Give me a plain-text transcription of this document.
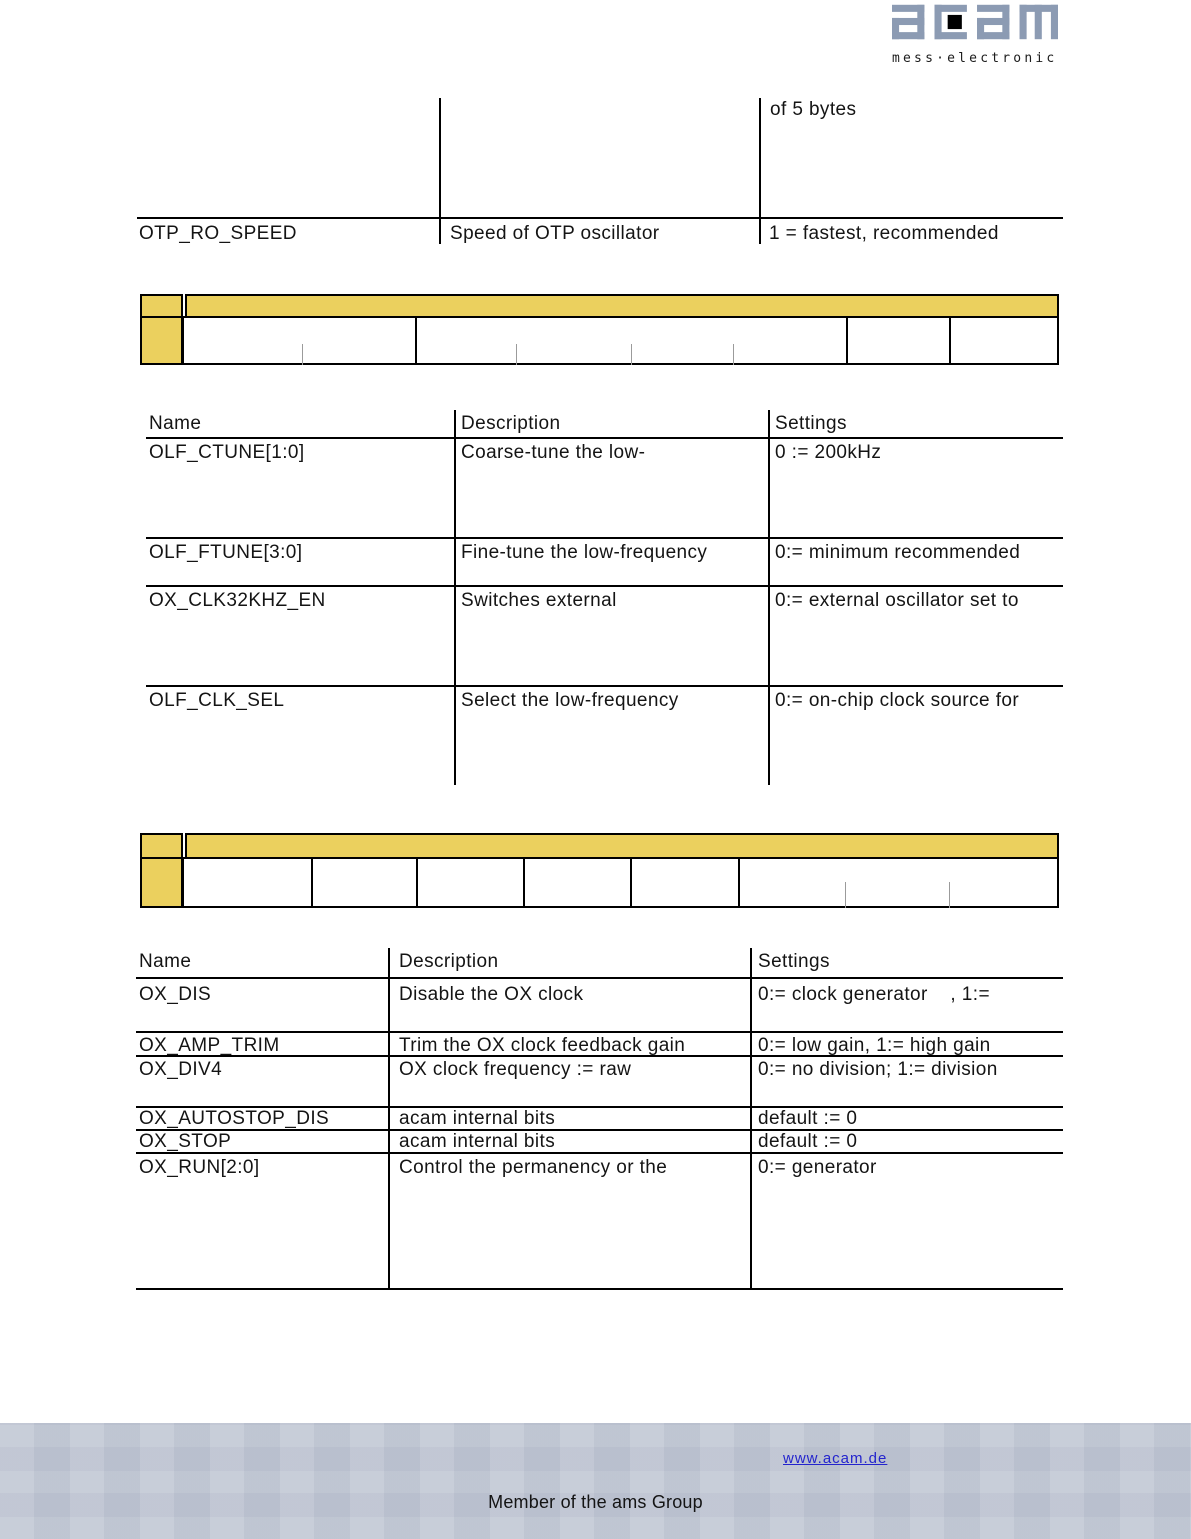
mess·electronic
of 5 bytes
OTP_RO_SPEED	Speed of OTP oscillator	1 = fastest, recommended
Name	Description	Settings
OLF_CTUNE[1:0]	Coarse-tune the low-	0 := 200kHz
OLF_FTUNE[3:0]	Fine-tune the low-frequency	0:= minimum recommended
OX_CLK32KHZ_EN	Switches external	0:= external oscillator set to
OLF_CLK_SEL	Select the low-frequency	0:= on-chip clock source for
Name	Description	Settings
OX_DIS	Disable the OX clock	0:= clock generator    , 1:=
OX_AMP_TRIM	Trim the OX clock feedback gain	0:= low gain, 1:= high gain
OX_DIV4	OX clock frequency := raw	0:= no division; 1:= division
OX_AUTOSTOP_DIS	acam internal bits	default := 0
OX_STOP	acam internal bits	default := 0
OX_RUN[2:0]	Control the permanency or the	0:= generator
www.acam.de
Member of the ams Group
